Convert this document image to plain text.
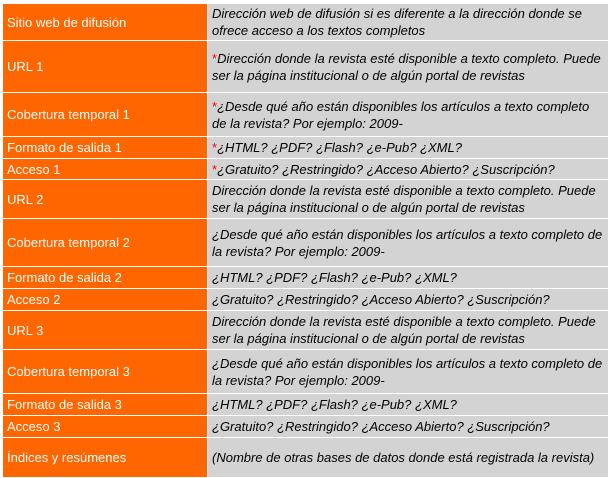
Sitio web de difusión	Dirección web de difusión si es diferente a la dirección donde se ofrece acceso a los textos completos
URL 1	*Dirección donde la revista esté disponible a texto completo. Puede ser la página institucional o de algún portal de revistas
Cobertura temporal 1	*¿Desde qué año están disponibles los artículos a texto completo de la revista? Por ejemplo: 2009-
Formato de salida 1	*¿HTML? ¿PDF? ¿Flash? ¿e-Pub? ¿XML?
Acceso 1	*¿Gratuito? ¿Restringido? ¿Acceso Abierto? ¿Suscripción?
URL 2	Dirección donde la revista esté disponible a texto completo. Puede ser la página institucional o de algún portal de revistas
Cobertura temporal 2	¿Desde qué año están disponibles los artículos a texto completo de la revista? Por ejemplo: 2009-
Formato de salida 2	¿HTML? ¿PDF? ¿Flash? ¿e-Pub? ¿XML?
Acceso 2	¿Gratuito? ¿Restringido? ¿Acceso Abierto? ¿Suscripción?
URL 3	Dirección donde la revista esté disponible a texto completo. Puede ser la página institucional o de algún portal de revistas
Cobertura temporal 3	¿Desde qué año están disponibles los artículos a texto completo de la revista? Por ejemplo: 2009-
Formato de salida 3	¿HTML? ¿PDF? ¿Flash? ¿e-Pub? ¿XML?
Acceso 3	¿Gratuito? ¿Restringido? ¿Acceso Abierto? ¿Suscripción?
Índices y resúmenes	(Nombre de otras bases de datos donde está registrada la revista)
